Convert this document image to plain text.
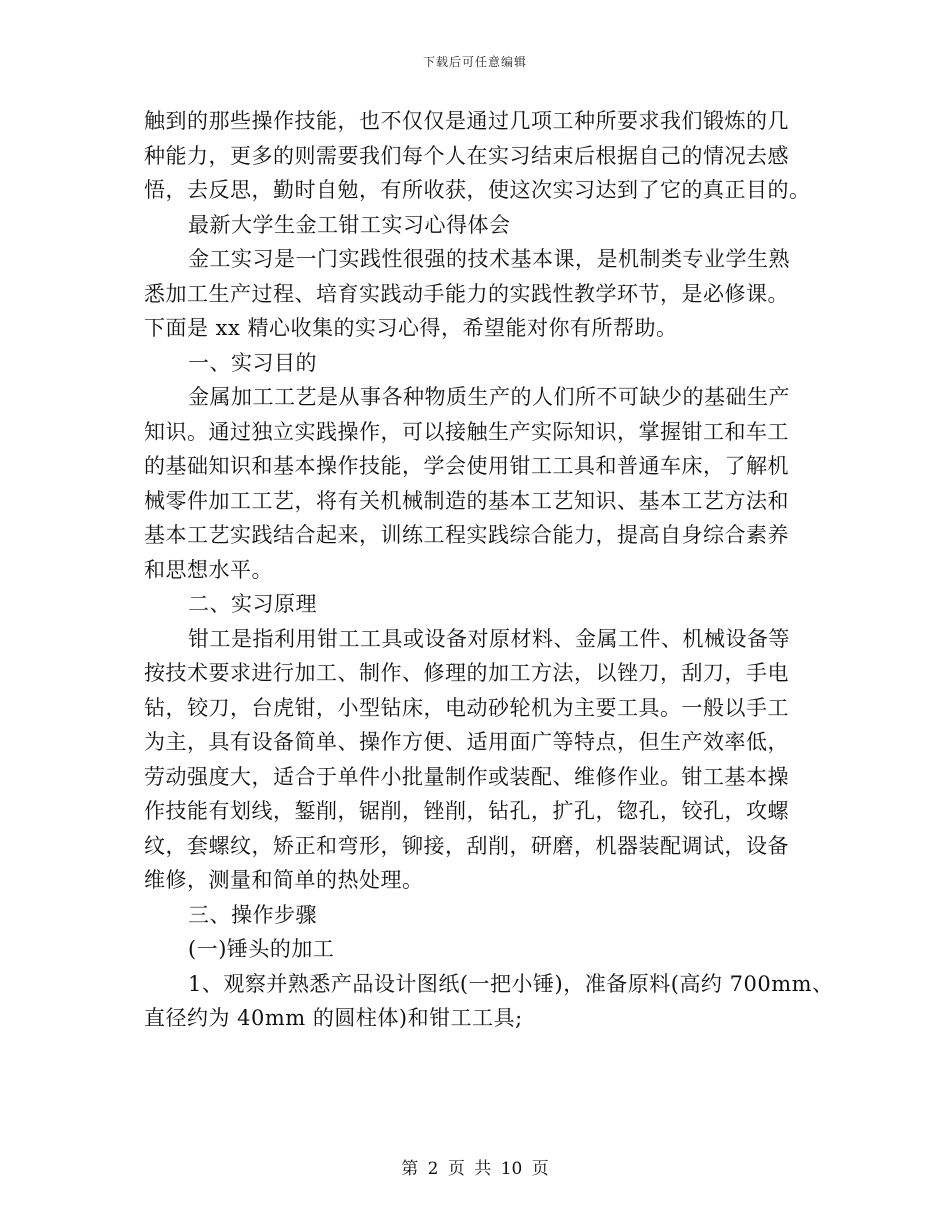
下载后可任意编辑
触到的那些操作技能，也不仅仅是通过几项工种所要求我们锻炼的几
种能力，更多的则需要我们每个人在实习结束后根据自己的情况去感
悟，去反思，勤时自勉，有所收获，使这次实习达到了它的真正目的。
最新大学生金工钳工实习心得体会
金工实习是一门实践性很强的技术基本课，是机制类专业学生熟
悉加工生产过程、培育实践动手能力的实践性教学环节，是必修课。
下面是 xx 精心收集的实习心得，希望能对你有所帮助。
一、实习目的
金属加工工艺是从事各种物质生产的人们所不可缺少的基础生产
知识。通过独立实践操作，可以接触生产实际知识，掌握钳工和车工
的基础知识和基本操作技能，学会使用钳工工具和普通车床，了解机
械零件加工工艺，将有关机械制造的基本工艺知识、基本工艺方法和
基本工艺实践结合起来，训练工程实践综合能力，提高自身综合素养
和思想水平。
二、实习原理
钳工是指利用钳工工具或设备对原材料、金属工件、机械设备等
按技术要求进行加工、制作、修理的加工方法，以锉刀，刮刀，手电
钻，铰刀，台虎钳，小型钻床，电动砂轮机为主要工具。一般以手工
为主，具有设备简单、操作方便、适用面广等特点，但生产效率低，
劳动强度大，适合于单件小批量制作或装配、维修作业。钳工基本操
作技能有划线，錾削，锯削，锉削，钻孔，扩孔，锪孔，铰孔，攻螺
纹，套螺纹，矫正和弯形，铆接，刮削，研磨，机器装配调试，设备
维修，测量和简单的热处理。
三、操作步骤
(一)锤头的加工
1、观察并熟悉产品设计图纸(一把小锤)，准备原料(高约 700mm、
直径约为 40mm 的圆柱体)和钳工工具;
第 2 页 共 10 页
